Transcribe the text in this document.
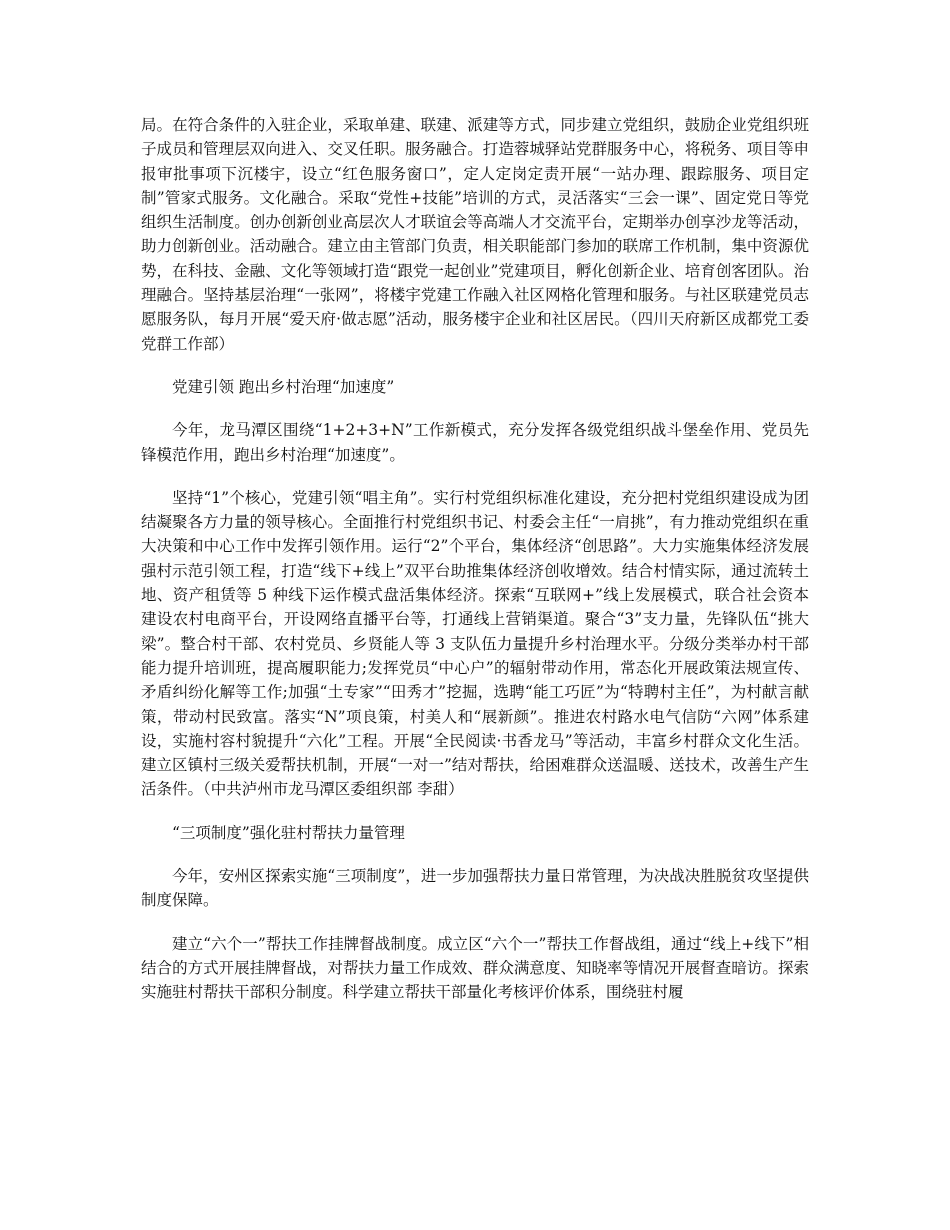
局。在符合条件的入驻企业，采取单建、联建、派建等方式，同步建立党组织，鼓励企业党组织班子成员和管理层双向进入、交叉任职。服务融合。打造蓉城驿站党群服务中心，将税务、项目等申报审批事项下沉楼宇，设立“红色服务窗口”，定人定岗定责开展“一站办理、跟踪服务、项目定制”管家式服务。文化融合。采取“党性+技能”培训的方式，灵活落实“三会一课”、固定党日等党组织生活制度。创办创新创业高层次人才联谊会等高端人才交流平台，定期举办创享沙龙等活动，助力创新创业。活动融合。建立由主管部门负责，相关职能部门参加的联席工作机制，集中资源优势，在科技、金融、文化等领域打造“跟党一起创业”党建项目，孵化创新企业、培育创客团队。治理融合。坚持基层治理“一张网”，将楼宇党建工作融入社区网格化管理和服务。与社区联建党员志愿服务队，每月开展“爱天府·做志愿”活动，服务楼宇企业和社区居民。（四川天府新区成都党工委党群工作部）

党建引领 跑出乡村治理“加速度”

今年，龙马潭区围绕“1+2+3+N”工作新模式，充分发挥各级党组织战斗堡垒作用、党员先锋模范作用，跑出乡村治理“加速度”。

坚持“1”个核心，党建引领“唱主角”。实行村党组织标准化建设，充分把村党组织建设成为团结凝聚各方力量的领导核心。全面推行村党组织书记、村委会主任“一肩挑”，有力推动党组织在重大决策和中心工作中发挥引领作用。运行“2”个平台，集体经济“创思路”。大力实施集体经济发展强村示范引领工程，打造“线下+线上”双平台助推集体经济创收增效。结合村情实际，通过流转土地、资产租赁等 5 种线下运作模式盘活集体经济。探索“互联网+”线上发展模式，联合社会资本建设农村电商平台，开设网络直播平台等，打通线上营销渠道。聚合“3”支力量，先锋队伍“挑大梁”。整合村干部、农村党员、乡贤能人等 3 支队伍力量提升乡村治理水平。分级分类举办村干部能力提升培训班，提高履职能力;发挥党员“中心户”的辐射带动作用，常态化开展政策法规宣传、矛盾纠纷化解等工作;加强“土专家”“田秀才”挖掘，选聘“能工巧匠”为“特聘村主任”，为村献言献策，带动村民致富。落实“N”项良策，村美人和“展新颜”。推进农村路水电气信防“六网”体系建设，实施村容村貌提升“六化”工程。开展“全民阅读·书香龙马”等活动，丰富乡村群众文化生活。建立区镇村三级关爱帮扶机制，开展“一对一”结对帮扶，给困难群众送温暖、送技术，改善生产生活条件。（中共泸州市龙马潭区委组织部 李甜）

“三项制度”强化驻村帮扶力量管理

今年，安州区探索实施“三项制度”，进一步加强帮扶力量日常管理，为决战决胜脱贫攻坚提供制度保障。

建立“六个一”帮扶工作挂牌督战制度。成立区“六个一”帮扶工作督战组，通过“线上+线下”相结合的方式开展挂牌督战，对帮扶力量工作成效、群众满意度、知晓率等情况开展督查暗访。探索实施驻村帮扶干部积分制度。科学建立帮扶干部量化考核评价体系，围绕驻村履
